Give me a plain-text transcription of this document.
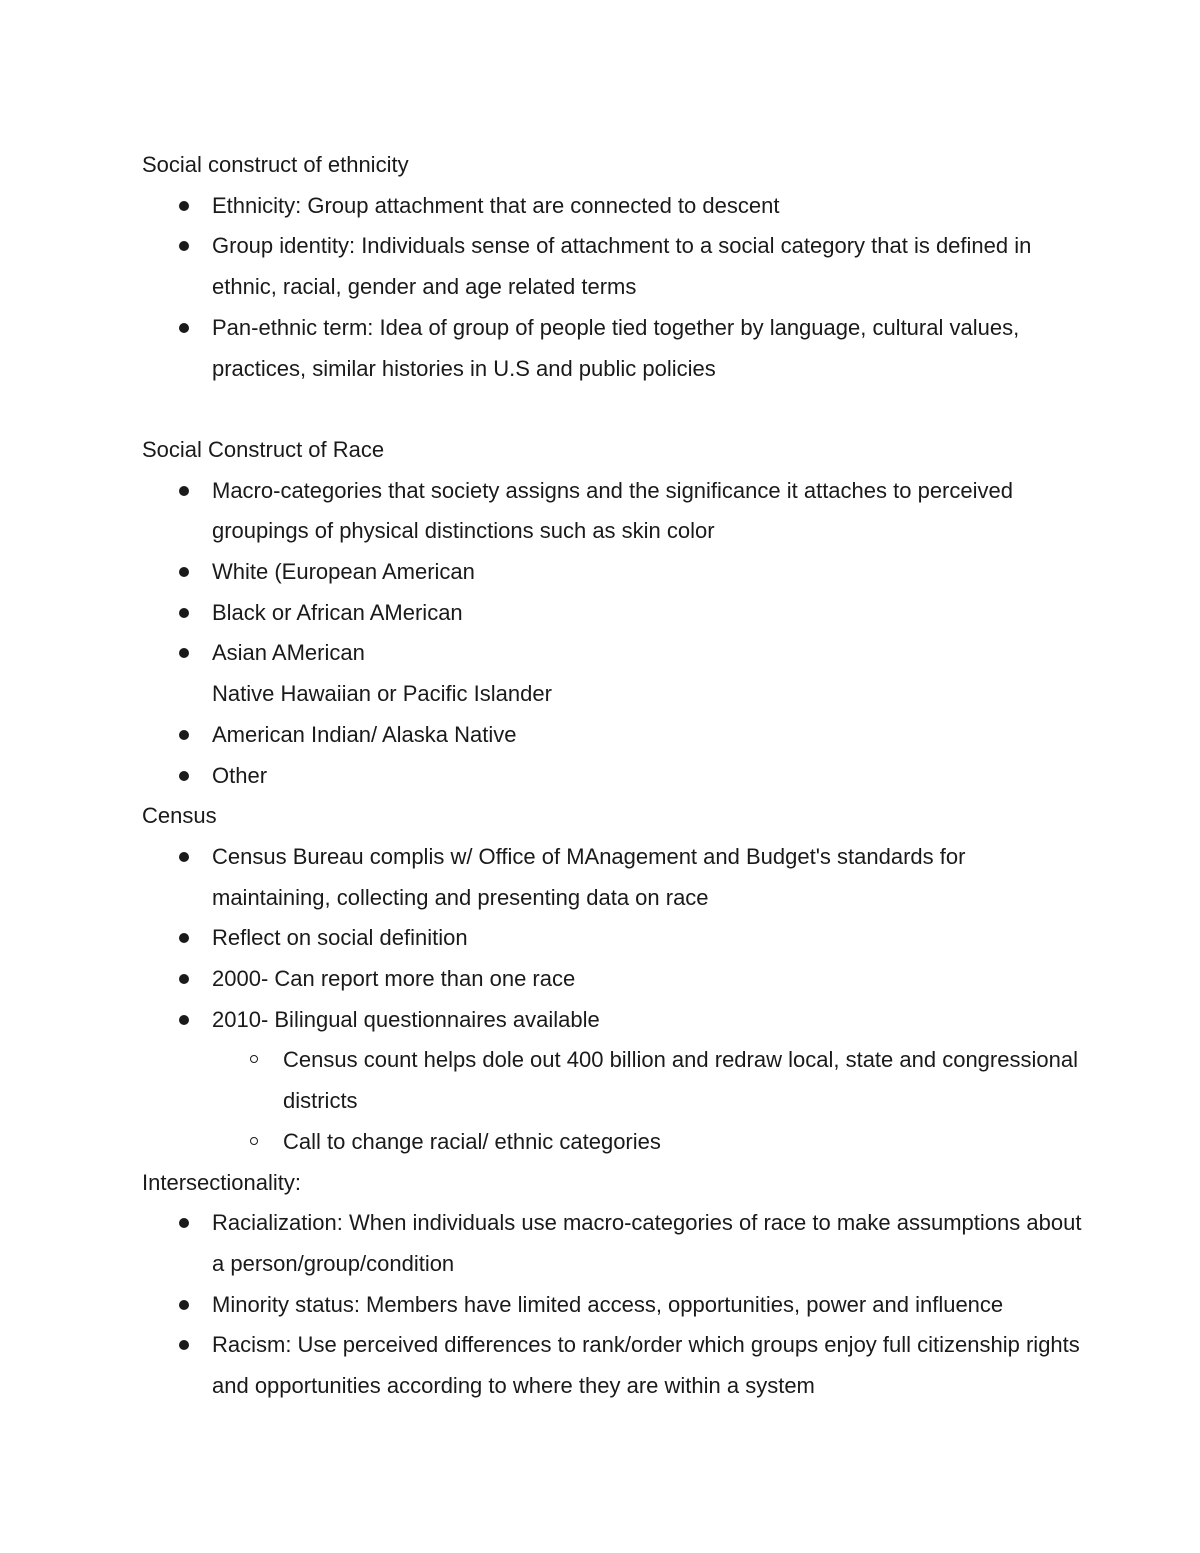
Social construct of ethnicity

Ethnicity: Group attachment that are connected to descent
Group identity: Individuals sense of attachment to a social category that is defined in ethnic, racial, gender and age related terms
Pan-ethnic term: Idea of group of people tied together by language, cultural values, practices, similar histories in U.S and public policies

Social Construct of Race

Macro-categories that society assigns and the significance it attaches to perceived groupings of physical distinctions such as skin color
White (European American
Black or African AMerican
Asian AMerican
Native Hawaiian or Pacific Islander
American Indian/ Alaska Native
Other

Census

Census Bureau complis w/ Office of MAnagement and Budget's standards for maintaining, collecting and presenting data on race
Reflect on social definition
2000- Can report more than one race
2010- Bilingual questionnaires available
Census count helps dole out 400 billion and redraw local, state and congressional districts
Call to change racial/ ethnic categories

Intersectionality:

Racialization: When individuals use macro-categories of race to make assumptions about a person/group/condition
Minority status: Members have limited access, opportunities, power and influence
Racism: Use perceived differences to rank/order which groups enjoy full citizenship rights and opportunities according to where they are within a system
